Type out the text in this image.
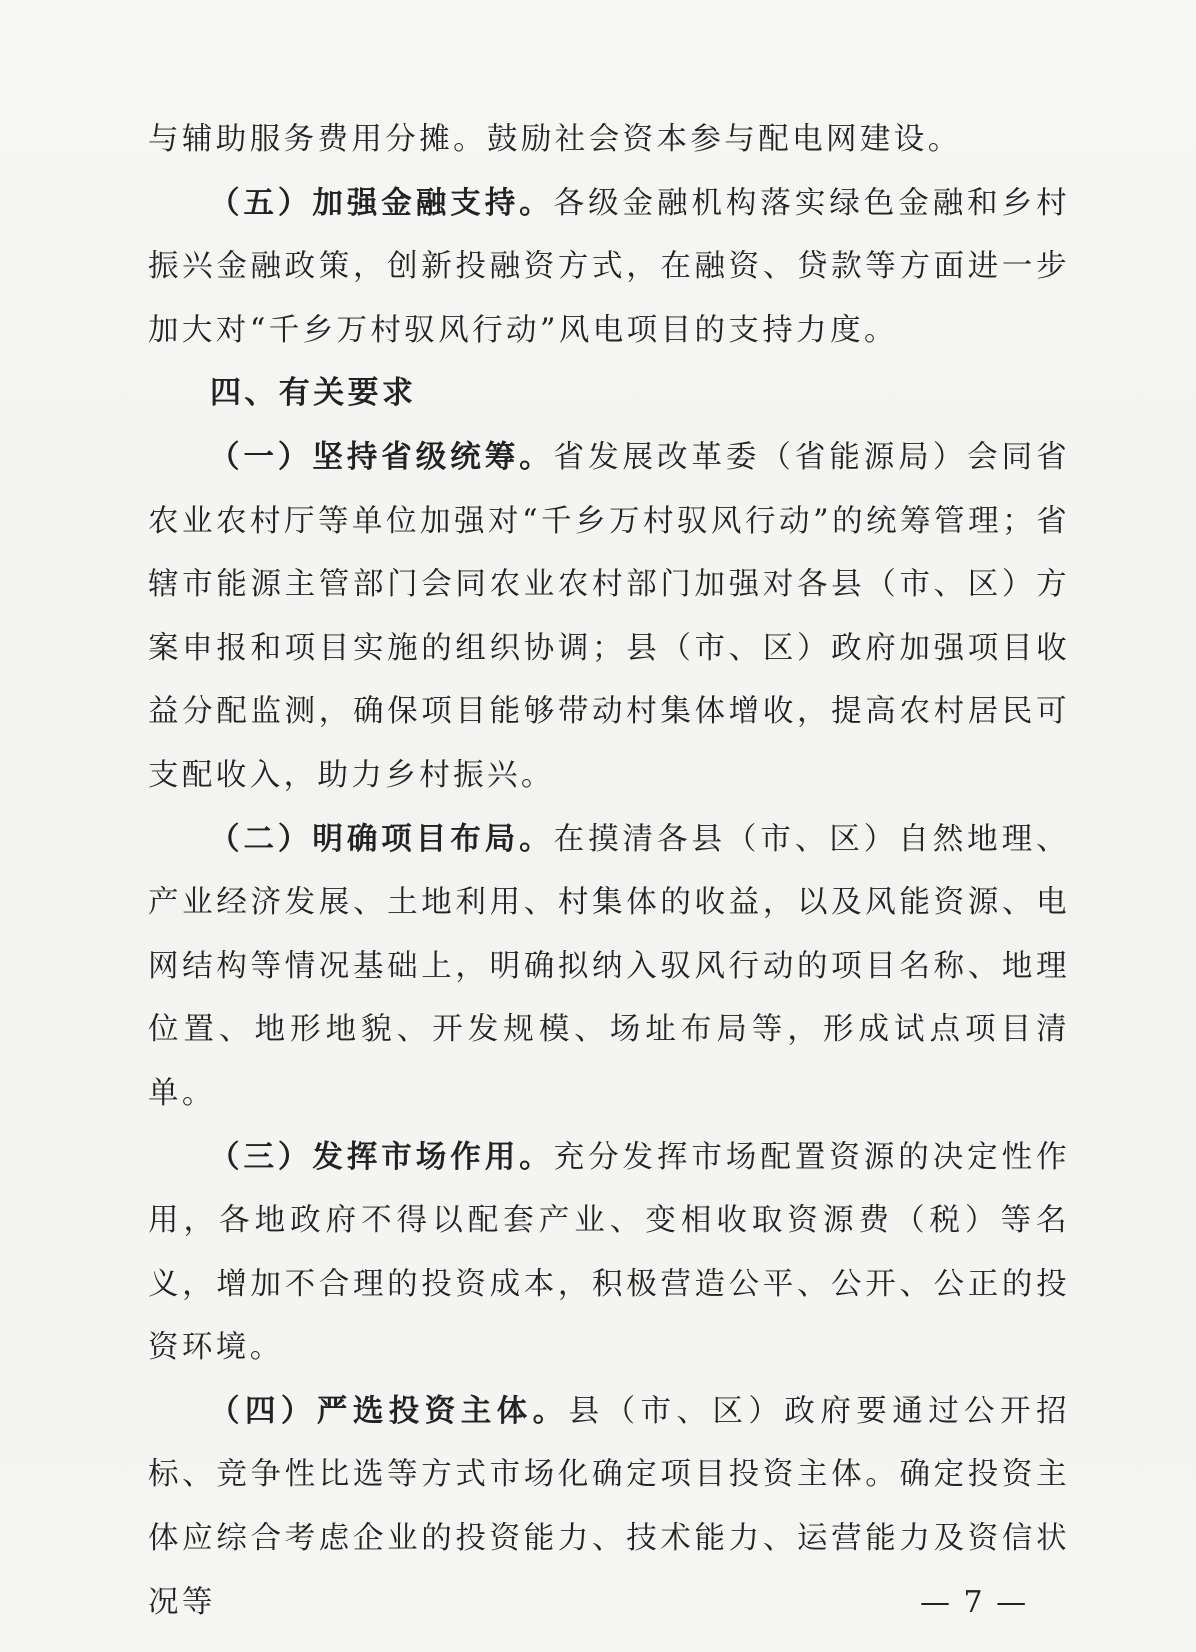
与辅助服务费用分摊。鼓励社会资本参与配电网建设。

（五）加强金融支持。各级金融机构落实绿色金融和乡村振兴金融政策，创新投融资方式，在融资、贷款等方面进一步加大对“千乡万村驭风行动”风电项目的支持力度。

四、有关要求

（一）坚持省级统筹。省发展改革委（省能源局）会同省农业农村厅等单位加强对“千乡万村驭风行动”的统筹管理；省辖市能源主管部门会同农业农村部门加强对各县（市、区）方案申报和项目实施的组织协调；县（市、区）政府加强项目收益分配监测，确保项目能够带动村集体增收，提高农村居民可支配收入，助力乡村振兴。

（二）明确项目布局。在摸清各县（市、区）自然地理、产业经济发展、土地利用、村集体的收益，以及风能资源、电网结构等情况基础上，明确拟纳入驭风行动的项目名称、地理位置、地形地貌、开发规模、场址布局等，形成试点项目清单。

（三）发挥市场作用。充分发挥市场配置资源的决定性作用，各地政府不得以配套产业、变相收取资源费（税）等名义，增加不合理的投资成本，积极营造公平、公开、公正的投资环境。

（四）严选投资主体。县（市、区）政府要通过公开招标、竞争性比选等方式市场化确定项目投资主体。确定投资主体应综合考虑企业的投资能力、技术能力、运营能力及资信状况等	— 7 —
